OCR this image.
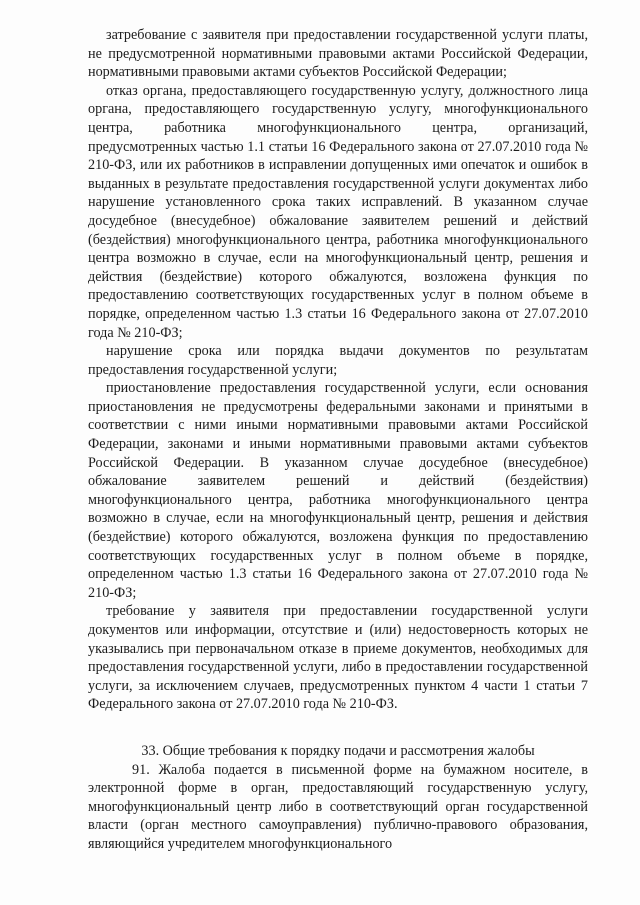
затребование с заявителя при предоставлении государственной услуги платы, не предусмотренной нормативными правовыми актами Российской Федерации, нормативными правовыми актами субъектов Российской Федерации;

отказ органа, предоставляющего государственную услугу, должностного лица органа, предоставляющего государственную услугу, многофункционального центра, работника многофункционального центра, организаций, предусмотренных частью 1.1 статьи 16 Федерального закона от 27.07.2010 года № 210-ФЗ, или их работников в исправлении допущенных ими опечаток и ошибок в выданных в результате предоставления государственной услуги документах либо нарушение установленного срока таких исправлений. В указанном случае досудебное (внесудебное) обжалование заявителем решений и действий (бездействия) многофункционального центра, работника многофункционального центра возможно в случае, если на многофункциональный центр, решения и действия (бездействие) которого обжалуются, возложена функция по предоставлению соответствующих государственных услуг в полном объеме в порядке, определенном частью 1.3 статьи 16 Федерального закона от 27.07.2010 года № 210-ФЗ;

нарушение срока или порядка выдачи документов по результатам предоставления государственной услуги;

приостановление предоставления государственной услуги, если основания приостановления не предусмотрены федеральными законами и принятыми в соответствии с ними иными нормативными правовыми актами Российской Федерации, законами и иными нормативными правовыми актами субъектов Российской Федерации. В указанном случае досудебное (внесудебное) обжалование заявителем решений и действий (бездействия) многофункционального центра, работника многофункционального центра возможно в случае, если на многофункциональный центр, решения и действия (бездействие) которого обжалуются, возложена функция по предоставлению соответствующих государственных услуг в полном объеме в порядке, определенном частью 1.3 статьи 16 Федерального закона от 27.07.2010 года № 210-ФЗ;

требование у заявителя при предоставлении государственной услуги документов или информации, отсутствие и (или) недостоверность которых не указывались при первоначальном отказе в приеме документов, необходимых для предоставления государственной услуги, либо в предоставлении государственной услуги, за исключением случаев, предусмотренных пунктом 4 части 1 статьи 7 Федерального закона от 27.07.2010 года № 210-ФЗ.

33. Общие требования к порядку подачи и рассмотрения жалобы

91. Жалоба подается в письменной форме на бумажном носителе, в электронной форме в орган, предоставляющий государственную услугу, многофункциональный центр либо в соответствующий орган государственной власти (орган местного самоуправления) публично-правового образования, являющийся учредителем многофункционального
